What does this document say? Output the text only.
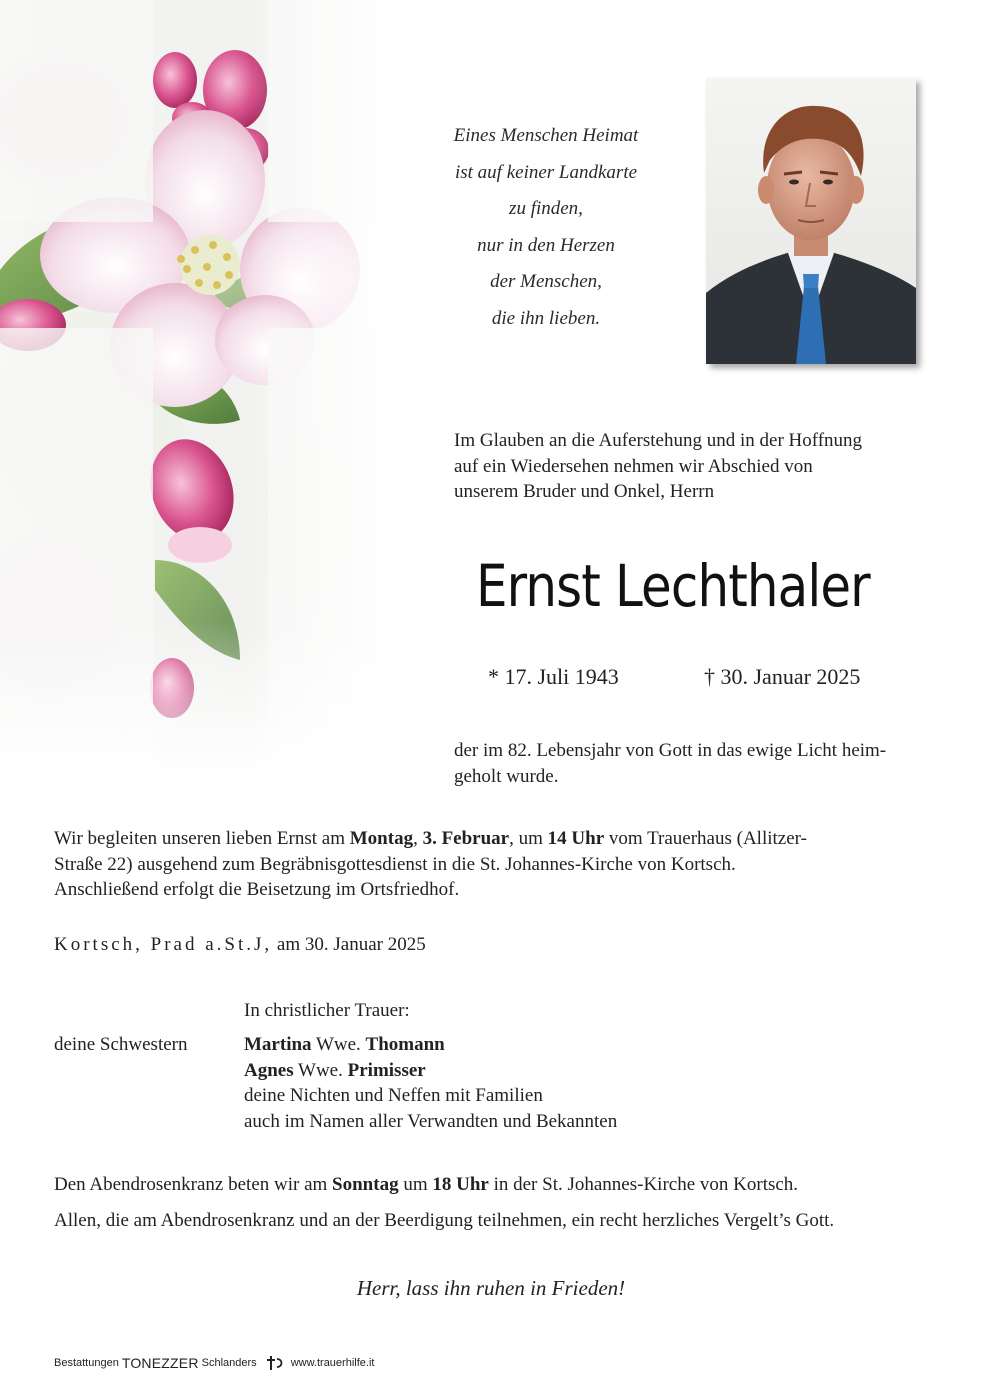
Eines Menschen Heimat
ist auf keiner Landkarte
zu finden,
nur in den Herzen
der Menschen,
die ihn lieben.
Im Glauben an die Auferstehung und in der Hoffnung
auf ein Wiedersehen nehmen wir Abschied von
unserem Bruder und Onkel, Herrn
Ernst Lechthaler
* 17. Juli 1943	† 30. Januar 2025
der im 82. Lebensjahr von Gott in das ewige Licht heim-
geholt wurde.
Wir begleiten unseren lieben Ernst am Montag, 3. Februar, um 14 Uhr vom Trauerhaus (Allitzer-
Straße 22) ausgehend zum Begräbnisgottesdienst in die St. Johannes-Kirche von Kortsch.
Anschließend erfolgt die Beisetzung im Ortsfriedhof.
Kortsch, Prad a.St.J, am 30. Januar 2025
In christlicher Trauer:
deine Schwestern	Martina Wwe. Thomann
Agnes Wwe. Primisser
deine Nichten und Neffen mit Familien
auch im Namen aller Verwandten und Bekannten
Den Abendrosenkranz beten wir am Sonntag um 18 Uhr in der St. Johannes-Kirche von Kortsch.
Allen, die am Abendrosenkranz und an der Beerdigung teilnehmen, ein recht herzliches Vergelt’s Gott.
Herr, lass ihn ruhen in Frieden!
Bestattungen TONEZZER Schlanders	www.trauerhilfe.it
